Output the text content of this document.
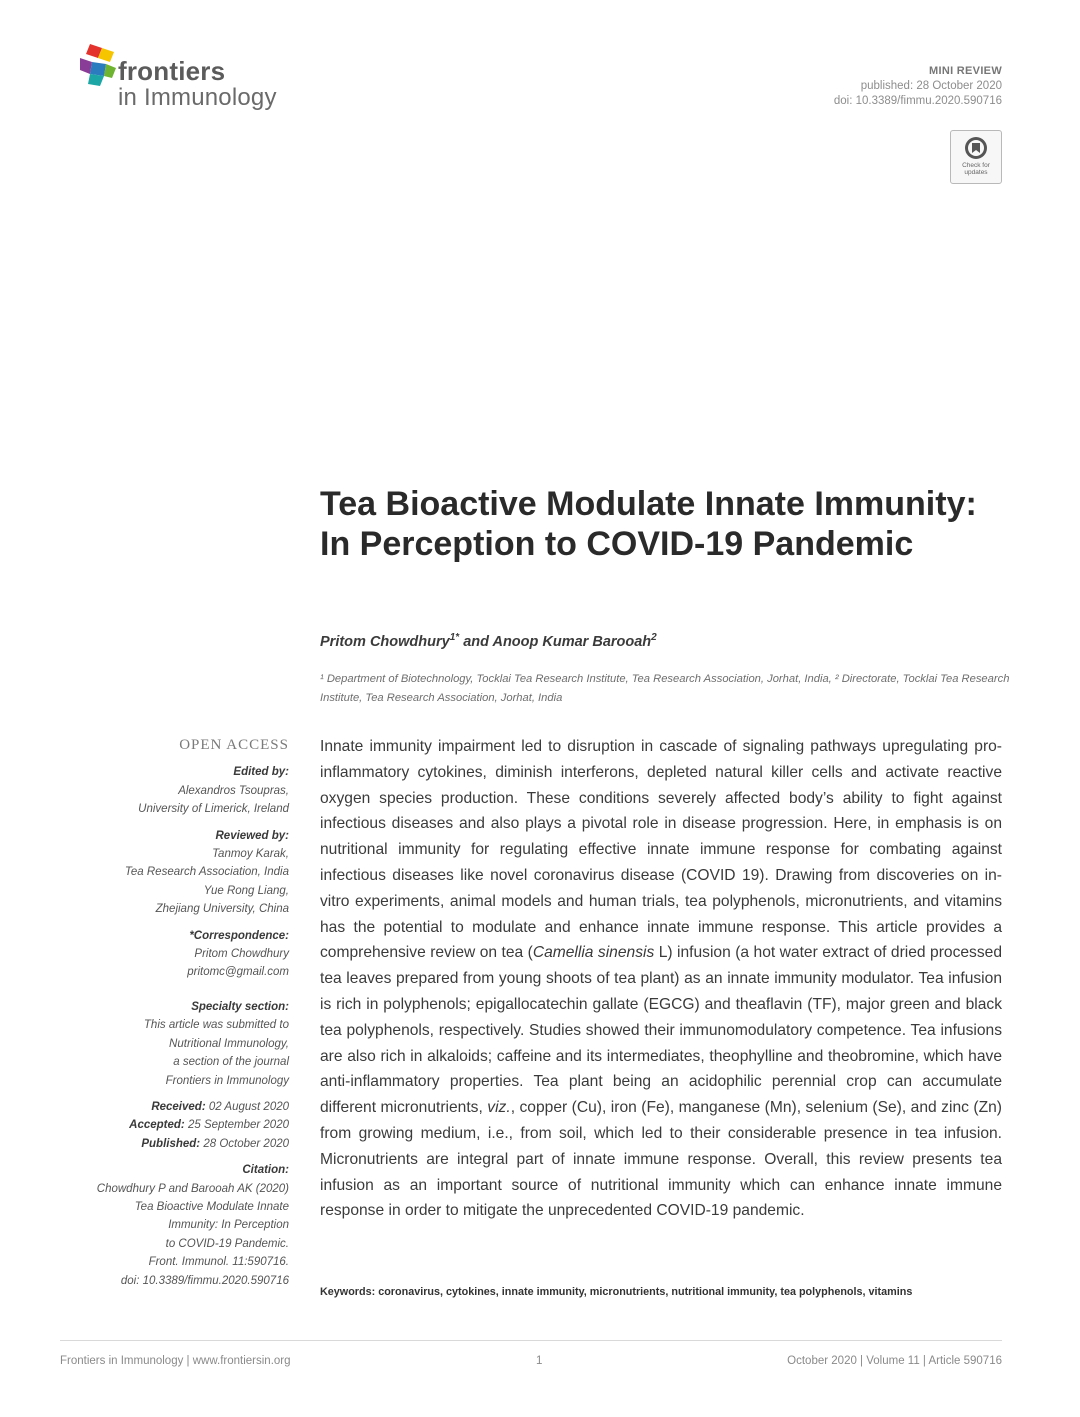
frontiers
in Immunology
MINI REVIEW
published: 28 October 2020
doi: 10.3389/fimmu.2020.590716
Check for
updates
Tea Bioactive Modulate Innate Immunity: In Perception to COVID-19 Pandemic
Pritom Chowdhury$^{1*}$ and Anoop Kumar Barooah$^2$
¹ Department of Biotechnology, Tocklai Tea Research Institute, Tea Research Association, Jorhat, India, ² Directorate, Tocklai Tea Research Institute, Tea Research Association, Jorhat, India
OPEN ACCESS
Edited by:
Alexandros Tsoupras,
University of Limerick, Ireland
Reviewed by:
Tanmoy Karak,
Tea Research Association, India
Yue Rong Liang,
Zhejiang University, China
*Correspondence:
Pritom Chowdhury
pritomc@gmail.com
Specialty section:
This article was submitted to
Nutritional Immunology,
a section of the journal
Frontiers in Immunology
Received: 02 August 2020
Accepted: 25 September 2020
Published: 28 October 2020
Citation:
Chowdhury P and Barooah AK (2020)
Tea Bioactive Modulate Innate
Immunity: In Perception
to COVID-19 Pandemic.
Front. Immunol. 11:590716.
doi: 10.3389/fimmu.2020.590716

Innate immunity impairment led to disruption in cascade of signaling pathways upregulating pro-inflammatory cytokines, diminish interferons, depleted natural killer cells and activate reactive oxygen species production. These conditions severely affected body’s ability to fight against infectious diseases and also plays a pivotal role in disease progression. Here, in emphasis is on nutritional immunity for regulating effective innate immune response for combating against infectious diseases like novel coronavirus disease (COVID 19). Drawing from discoveries on in-vitro experiments, animal models and human trials, tea polyphenols, micronutrients, and vitamins has the potential to modulate and enhance innate immune response. This article provides a comprehensive review on tea (Camellia sinensis L) infusion (a hot water extract of dried processed tea leaves prepared from young shoots of tea plant) as an innate immunity modulator. Tea infusion is rich in polyphenols; epigallocatechin gallate (EGCG) and theaflavin (TF), major green and black tea polyphenols, respectively. Studies showed their immunomodulatory competence. Tea infusions are also rich in alkaloids; caffeine and its intermediates, theophylline and theobromine, which have anti-inflammatory properties. Tea plant being an acidophilic perennial crop can accumulate different micronutrients, viz., copper (Cu), iron (Fe), manganese (Mn), selenium (Se), and zinc (Zn) from growing medium, i.e., from soil, which led to their considerable presence in tea infusion. Micronutrients are integral part of innate immune response. Overall, this review presents tea infusion as an important source of nutritional immunity which can enhance innate immune response in order to mitigate the unprecedented COVID-19 pandemic.

Keywords: coronavirus, cytokines, innate immunity, micronutrients, nutritional immunity, tea polyphenols, vitamins
Frontiers in Immunology | www.frontiersin.org	1	October 2020 | Volume 11 | Article 590716
